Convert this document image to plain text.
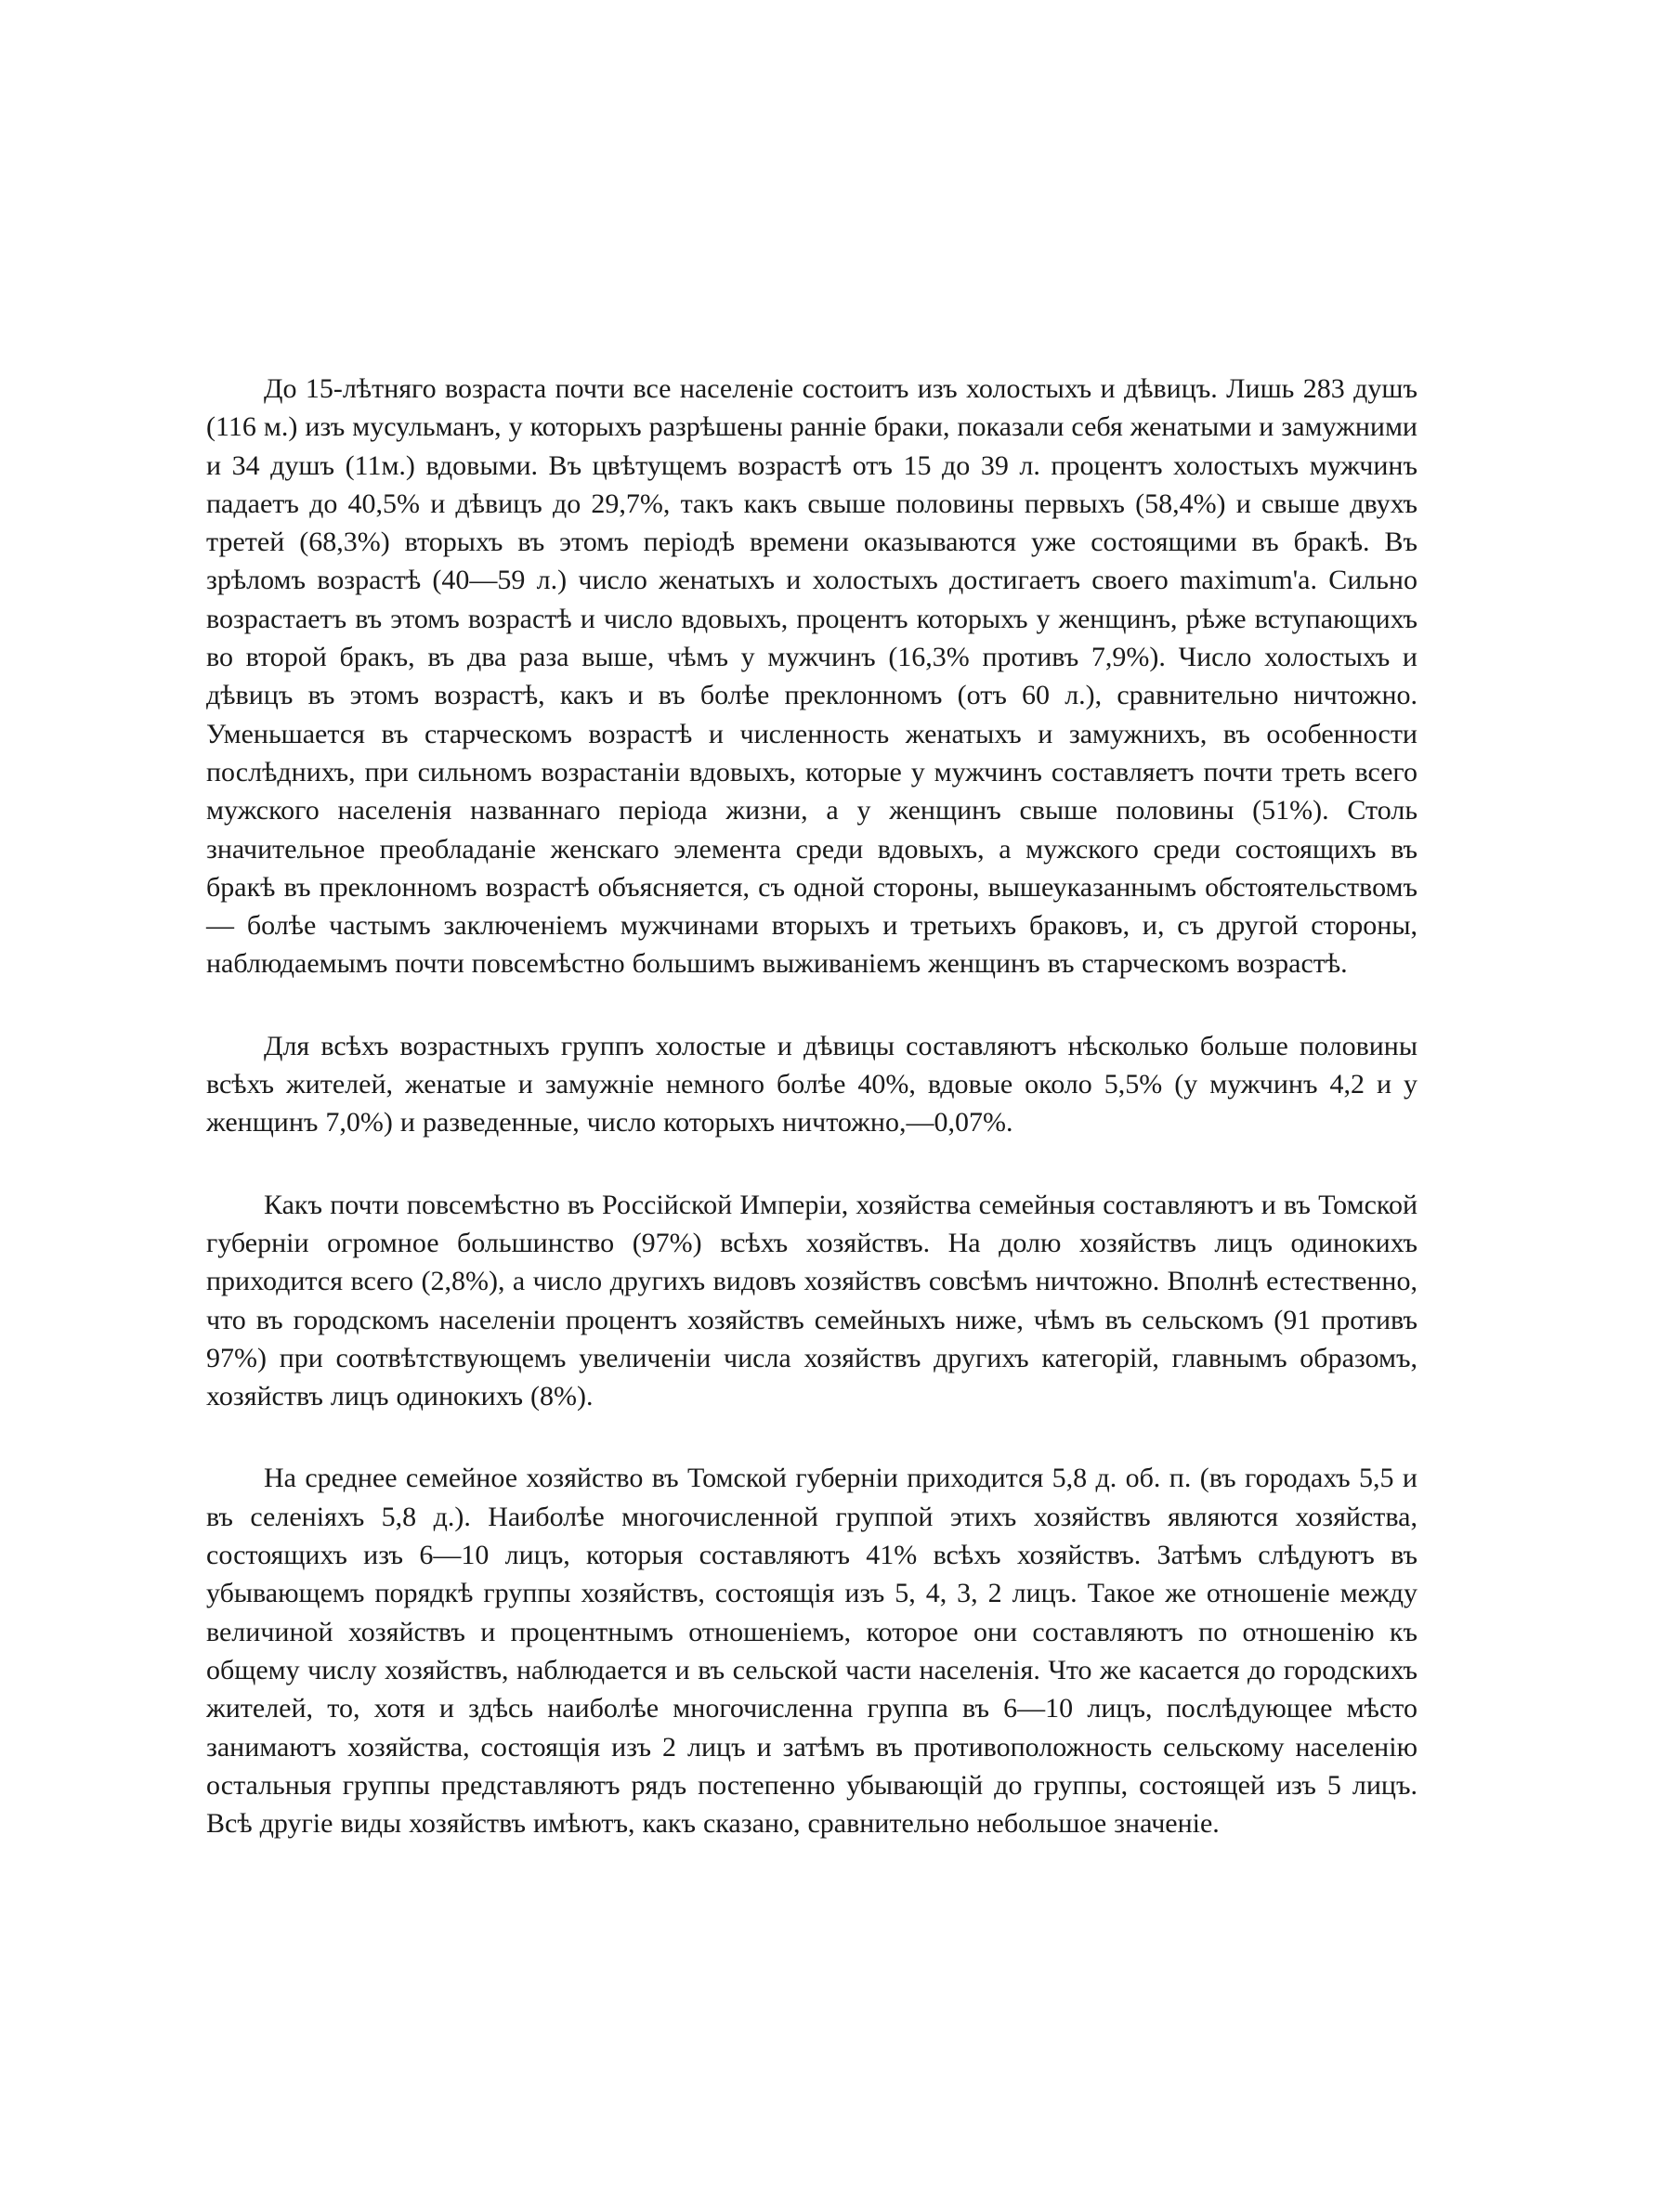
До 15-лѣтняго возраста почти все населеніе состоитъ изъ холостыхъ и дѣвицъ. Лишь 283 душъ (116 м.) изъ мусульманъ, у которыхъ разрѣшены ранніе браки, показали себя женатыми и замужними и 34 душъ (11м.) вдовыми. Въ цвѣтущемъ возрастѣ отъ 15 до 39 л. процентъ холостыхъ мужчинъ падаетъ до 40,5% и дѣвицъ до 29,7%, такъ какъ свыше половины первыхъ (58,4%) и свыше двухъ третей (68,3%) вторыхъ въ этомъ періодѣ времени оказываются уже состоящими въ бракѣ. Въ зрѣломъ возрастѣ (40—59 л.) число женатыхъ и холостыхъ достигаетъ своего maximum'а. Сильно возрастаетъ въ этомъ возрастѣ и число вдовыхъ, процентъ которыхъ у женщинъ, рѣже вступающихъ во второй бракъ, въ два раза выше, чѣмъ у мужчинъ (16,3% противъ 7,9%). Число холостыхъ и дѣвицъ въ этомъ возрастѣ, какъ и въ болѣе преклонномъ (отъ 60 л.), сравнительно ничтожно. Уменьшается въ старческомъ возрастѣ и численность женатыхъ и замужнихъ, въ особенности послѣднихъ, при сильномъ возрастаніи вдовыхъ, которые у мужчинъ составляетъ почти треть всего мужского населенія названнаго періода жизни, а у женщинъ свыше половины (51%). Столь значительное преобладаніе женскаго элемента среди вдовыхъ, а мужского среди состоящихъ въ бракѣ въ преклонномъ возрастѣ объясняется, съ одной стороны, вышеуказаннымъ обстоятельствомъ— болѣе частымъ заключеніемъ мужчинами вторыхъ и третьихъ браковъ, и, съ другой стороны, наблюдаемымъ почти повсемѣстно большимъ выживаніемъ женщинъ въ старческомъ возрастѣ.

Для всѣхъ возрастныхъ группъ холостые и дѣвицы составляютъ нѣсколько больше половины всѣхъ жителей, женатые и замужніе немного болѣе 40%, вдовые около 5,5% (у мужчинъ 4,2 и у женщинъ 7,0%) и разведенные, число которыхъ ничтожно,—0,07%.

Какъ почти повсемѣстно въ Россійской Имперіи, хозяйства семейныя составляютъ и въ Томской губерніи огромное большинство (97%) всѣхъ хозяйствъ. На долю хозяйствъ лицъ одинокихъ приходится всего (2,8%), а число другихъ видовъ хозяйствъ совсѣмъ ничтожно. Вполнѣ естественно, что въ городскомъ населеніи процентъ хозяйствъ семейныхъ ниже, чѣмъ въ сельскомъ (91 противъ 97%) при соотвѣтствующемъ увеличеніи числа хозяйствъ другихъ категорій, главнымъ образомъ, хозяйствъ лицъ одинокихъ (8%).

На среднее семейное хозяйство въ Томской губерніи приходится 5,8 д. об. п. (въ городахъ 5,5 и въ селеніяхъ 5,8 д.). Наиболѣе многочисленной группой этихъ хозяйствъ являются хозяйства, состоящихъ изъ 6—10 лицъ, которыя составляютъ 41% всѣхъ хозяйствъ. Затѣмъ слѣдуютъ въ убывающемъ порядкѣ группы хозяйствъ, состоящія изъ 5, 4, 3, 2 лицъ. Такое же отношеніе между величиной хозяйствъ и процентнымъ отношеніемъ, которое они составляютъ по отношенію къ общему числу хозяйствъ, наблюдается и въ сельской части населенія. Что же касается до городскихъ жителей, то, хотя и здѣсь наиболѣе многочисленна группа въ 6—10 лицъ, послѣдующее мѣсто занимаютъ хозяйства, состоящія изъ 2 лицъ и затѣмъ въ противоположность сельскому населенію остальныя группы представляютъ рядъ постепенно убывающій до группы, состоящей изъ 5 лицъ. Всѣ другіе виды хозяйствъ имѣютъ, какъ сказано, сравнительно небольшое значеніе.
